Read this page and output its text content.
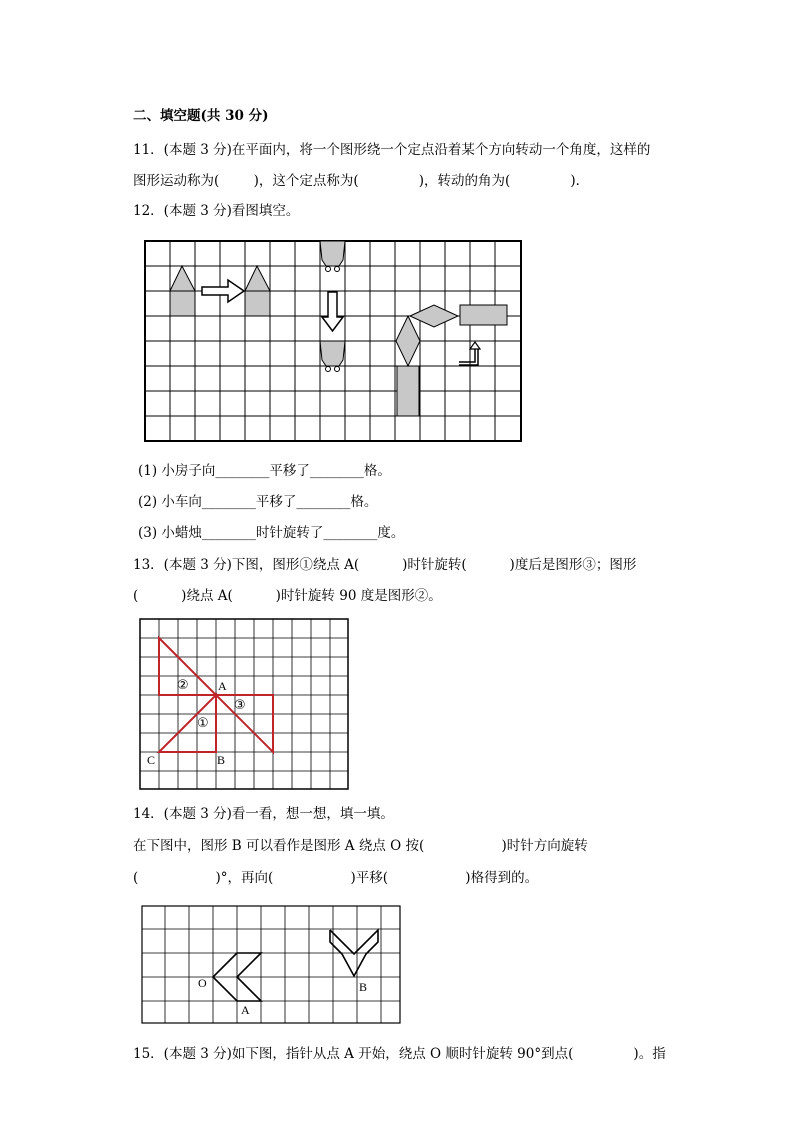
二、填空题(共 30 分)
11．(本题 3 分)在平面内，将一个图形绕一个定点沿着某个方向转动一个角度，这样的
图形运动称为(        )，这个定点称为(              )，转动的角为(              )．
12．(本题 3 分)看图填空。
(1) 小房子向________平移了________格。
(2) 小车向________平移了________格。
(3) 小蜡烛________时针旋转了________度。
13．(本题 3 分)下图，图形①绕点 A(          )时针旋转(          )度后是图形③；图形
(          )绕点 A(          )时针旋转 90 度是图形②。
②
①
③
A
B
C
14．(本题 3 分)看一看，想一想，填一填。
在下图中，图形 B 可以看作是图形 A 绕点 O 按(                  )时针方向旋转
(                  )°，再向(                  )平移(                  )格得到的。
O
A
B
15．(本题 3 分)如下图，指针从点 A 开始，绕点 O 顺时针旋转 90°到点(              )。指
